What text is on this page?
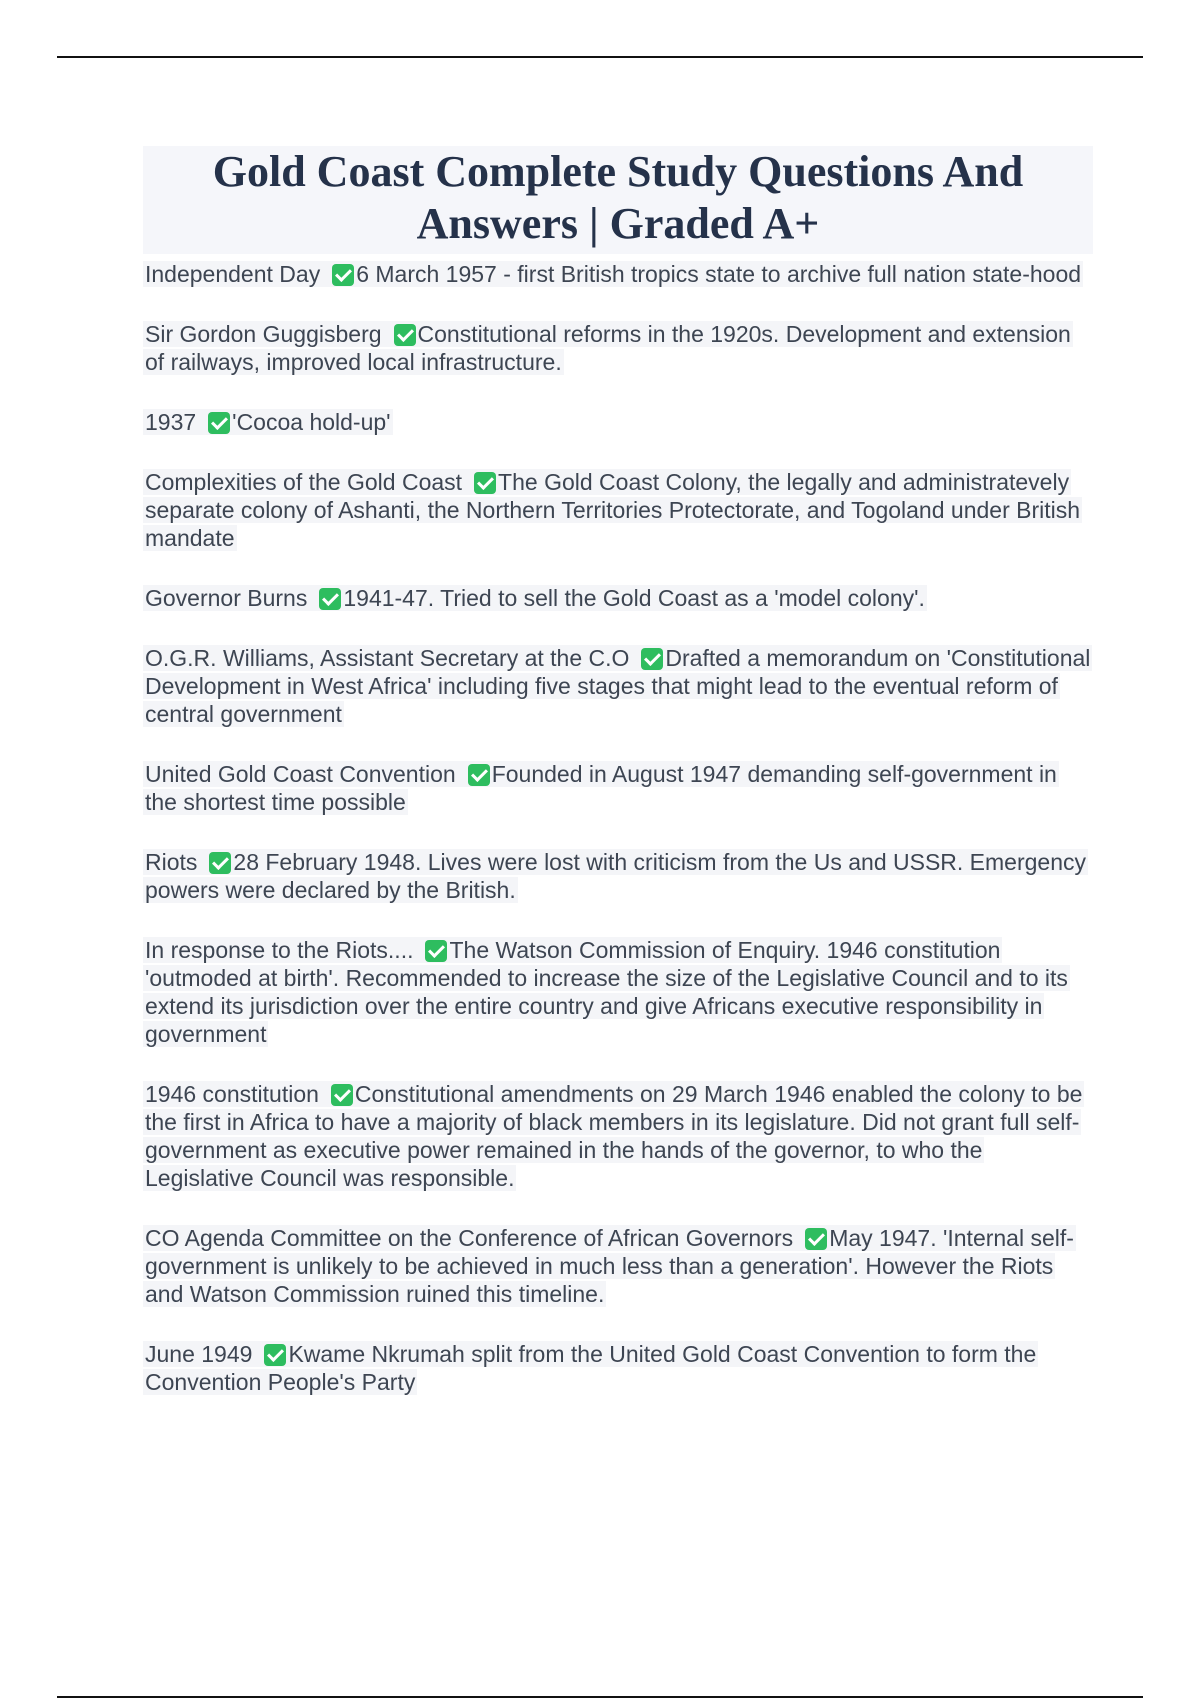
Gold Coast Complete Study Questions And Answers | Graded A+

Independent Day 6 March 1957 - first British tropics state to archive full nation state-hood

Sir Gordon Guggisberg Constitutional reforms in the 1920s. Development and extension of railways, improved local infrastructure.

1937 'Cocoa hold-up'

Complexities of the Gold Coast The Gold Coast Colony, the legally and administratevely separate colony of Ashanti, the Northern Territories Protectorate, and Togoland under British mandate

Governor Burns 1941-47. Tried to sell the Gold Coast as a 'model colony'.

O.G.R. Williams, Assistant Secretary at the C.O Drafted a memorandum on 'Constitutional Development in West Africa' including five stages that might lead to the eventual reform of central government

United Gold Coast Convention Founded in August 1947 demanding self-government in the shortest time possible

Riots 28 February 1948. Lives were lost with criticism from the Us and USSR. Emergency powers were declared by the British.

In response to the Riots.... The Watson Commission of Enquiry. 1946 constitution 'outmoded at birth'. Recommended to increase the size of the Legislative Council and to its extend its jurisdiction over the entire country and give Africans executive responsibility in government

1946 constitution Constitutional amendments on 29 March 1946 enabled the colony to be the first in Africa to have a majority of black members in its legislature. Did not grant full self-government as executive power remained in the hands of the governor, to who the Legislative Council was responsible.

CO Agenda Committee on the Conference of African Governors May 1947. 'Internal self-government is unlikely to be achieved in much less than a generation'. However the Riots and Watson Commission ruined this timeline.

June 1949 Kwame Nkrumah split from the United Gold Coast Convention to form the Convention People's Party
